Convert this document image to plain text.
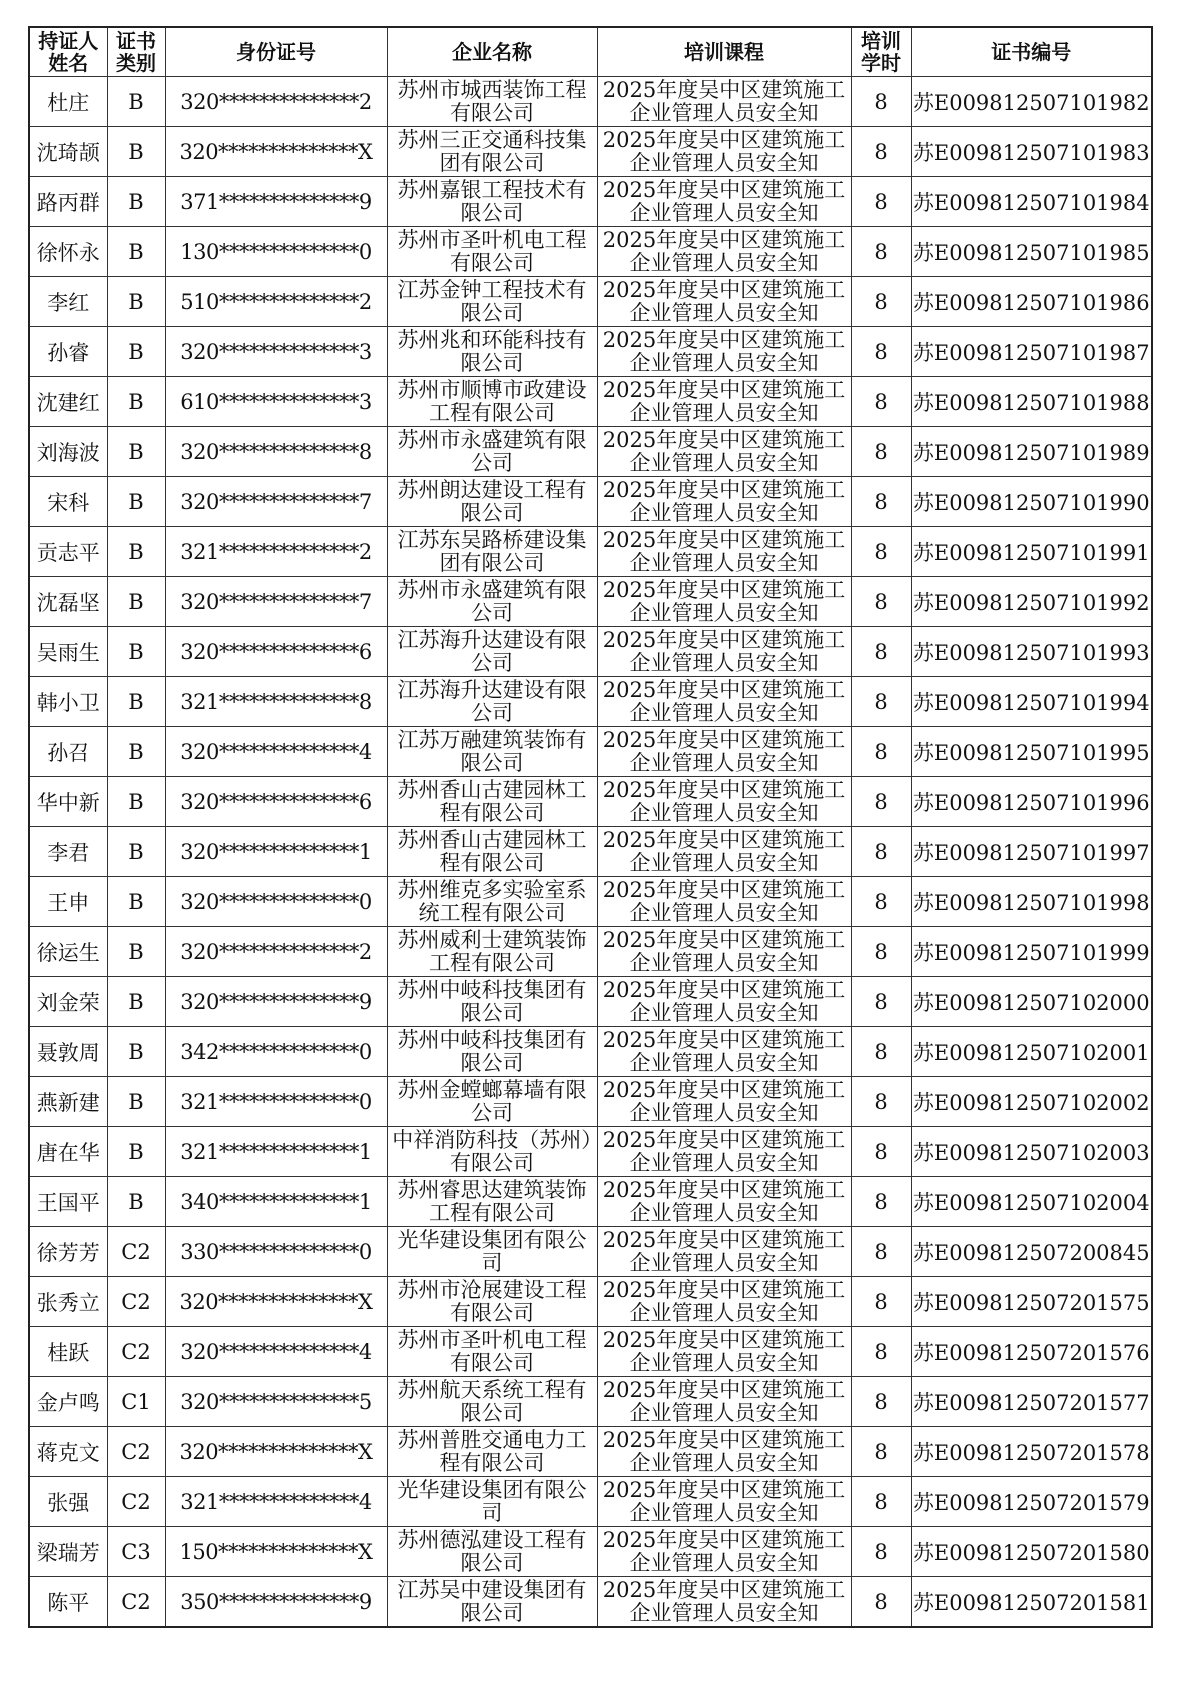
持证人姓名	证书类别	身份证号	企业名称	培训课程	培训学时	证书编号
杜庄	B	320**************2	苏州市城西装饰工程有限公司	2025年度吴中区建筑施工企业管理人员安全知	8	苏E009812507101982
沈琦颉	B	320**************X	苏州三正交通科技集团有限公司	2025年度吴中区建筑施工企业管理人员安全知	8	苏E009812507101983
路丙群	B	371**************9	苏州嘉银工程技术有限公司	2025年度吴中区建筑施工企业管理人员安全知	8	苏E009812507101984
徐怀永	B	130**************0	苏州市圣叶机电工程有限公司	2025年度吴中区建筑施工企业管理人员安全知	8	苏E009812507101985
李红	B	510**************2	江苏金钟工程技术有限公司	2025年度吴中区建筑施工企业管理人员安全知	8	苏E009812507101986
孙睿	B	320**************3	苏州兆和环能科技有限公司	2025年度吴中区建筑施工企业管理人员安全知	8	苏E009812507101987
沈建红	B	610**************3	苏州市顺博市政建设工程有限公司	2025年度吴中区建筑施工企业管理人员安全知	8	苏E009812507101988
刘海波	B	320**************8	苏州市永盛建筑有限公司	2025年度吴中区建筑施工企业管理人员安全知	8	苏E009812507101989
宋科	B	320**************7	苏州朗达建设工程有限公司	2025年度吴中区建筑施工企业管理人员安全知	8	苏E009812507101990
贡志平	B	321**************2	江苏东吴路桥建设集团有限公司	2025年度吴中区建筑施工企业管理人员安全知	8	苏E009812507101991
沈磊坚	B	320**************7	苏州市永盛建筑有限公司	2025年度吴中区建筑施工企业管理人员安全知	8	苏E009812507101992
吴雨生	B	320**************6	江苏海升达建设有限公司	2025年度吴中区建筑施工企业管理人员安全知	8	苏E009812507101993
韩小卫	B	321**************8	江苏海升达建设有限公司	2025年度吴中区建筑施工企业管理人员安全知	8	苏E009812507101994
孙召	B	320**************4	江苏万融建筑装饰有限公司	2025年度吴中区建筑施工企业管理人员安全知	8	苏E009812507101995
华中新	B	320**************6	苏州香山古建园林工程有限公司	2025年度吴中区建筑施工企业管理人员安全知	8	苏E009812507101996
李君	B	320**************1	苏州香山古建园林工程有限公司	2025年度吴中区建筑施工企业管理人员安全知	8	苏E009812507101997
王申	B	320**************0	苏州维克多实验室系统工程有限公司	2025年度吴中区建筑施工企业管理人员安全知	8	苏E009812507101998
徐运生	B	320**************2	苏州威利士建筑装饰工程有限公司	2025年度吴中区建筑施工企业管理人员安全知	8	苏E009812507101999
刘金荣	B	320**************9	苏州中岐科技集团有限公司	2025年度吴中区建筑施工企业管理人员安全知	8	苏E009812507102000
聂敦周	B	342**************0	苏州中岐科技集团有限公司	2025年度吴中区建筑施工企业管理人员安全知	8	苏E009812507102001
燕新建	B	321**************0	苏州金螳螂幕墙有限公司	2025年度吴中区建筑施工企业管理人员安全知	8	苏E009812507102002
唐在华	B	321**************1	中祥消防科技（苏州）有限公司	2025年度吴中区建筑施工企业管理人员安全知	8	苏E009812507102003
王国平	B	340**************1	苏州睿思达建筑装饰工程有限公司	2025年度吴中区建筑施工企业管理人员安全知	8	苏E009812507102004
徐芳芳	C2	330**************0	光华建设集团有限公司	2025年度吴中区建筑施工企业管理人员安全知	8	苏E009812507200845
张秀立	C2	320**************X	苏州市沧展建设工程有限公司	2025年度吴中区建筑施工企业管理人员安全知	8	苏E009812507201575
桂跃	C2	320**************4	苏州市圣叶机电工程有限公司	2025年度吴中区建筑施工企业管理人员安全知	8	苏E009812507201576
金卢鸣	C1	320**************5	苏州航天系统工程有限公司	2025年度吴中区建筑施工企业管理人员安全知	8	苏E009812507201577
蒋克文	C2	320**************X	苏州普胜交通电力工程有限公司	2025年度吴中区建筑施工企业管理人员安全知	8	苏E009812507201578
张强	C2	321**************4	光华建设集团有限公司	2025年度吴中区建筑施工企业管理人员安全知	8	苏E009812507201579
梁瑞芳	C3	150**************X	苏州德泓建设工程有限公司	2025年度吴中区建筑施工企业管理人员安全知	8	苏E009812507201580
陈平	C2	350**************9	江苏吴中建设集团有限公司	2025年度吴中区建筑施工企业管理人员安全知	8	苏E009812507201581
